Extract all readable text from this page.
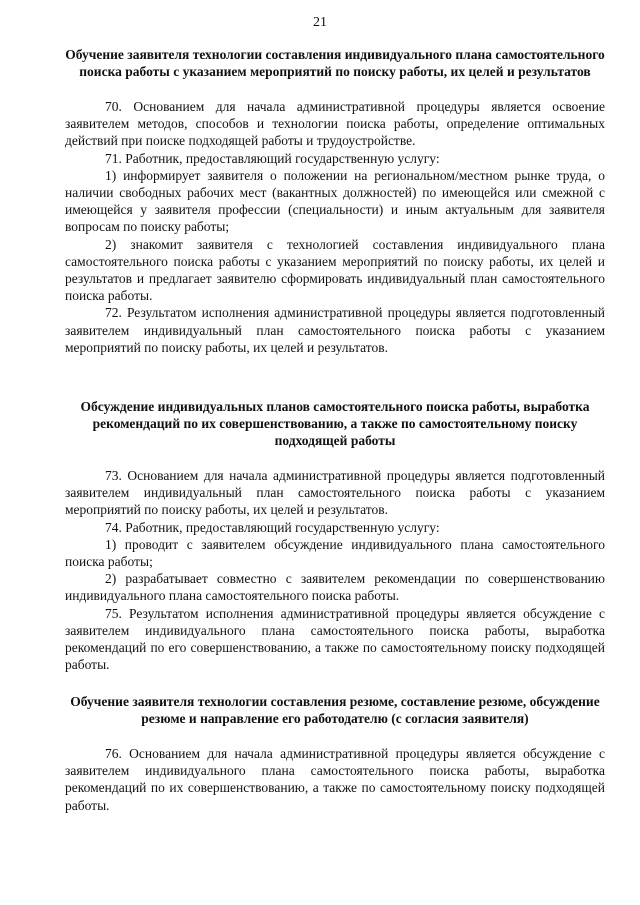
21

Обучение заявителя технологии составления индивидуального плана самостоятельного поиска работы с указанием мероприятий по поиску работы, их целей и результатов

70. Основанием для начала административной процедуры является освоение заявителем методов, способов и технологии поиска работы, определение оптимальных действий при поиске подходящей работы и трудоустройстве.

71. Работник, предоставляющий государственную услугу:

1) информирует заявителя о положении на региональном/местном рынке труда, о наличии свободных рабочих мест (вакантных должностей) по имеющейся или смежной с имеющейся у заявителя профессии (специальности) и иным актуальным для заявителя вопросам по поиску работы;

2) знакомит заявителя с технологией составления индивидуального плана самостоятельного поиска работы с указанием мероприятий по поиску работы, их целей и результатов и предлагает заявителю сформировать индивидуальный план самостоятельного поиска работы.

72. Результатом исполнения административной процедуры является подготовленный заявителем индивидуальный план самостоятельного поиска работы с указанием мероприятий по поиску работы, их целей и результатов.

Обсуждение индивидуальных планов самостоятельного поиска работы, выработка рекомендаций по их совершенствованию, а также по самостоятельному поиску подходящей работы

73. Основанием для начала административной процедуры является подготовленный заявителем индивидуальный план самостоятельного поиска работы с указанием мероприятий по поиску работы, их целей и результатов.

74. Работник, предоставляющий государственную услугу:

1) проводит с заявителем обсуждение индивидуального плана самостоятельного поиска работы;

2) разрабатывает совместно с заявителем рекомендации по совершенствованию индивидуального плана самостоятельного поиска работы.

75. Результатом исполнения административной процедуры является обсуждение с заявителем индивидуального плана самостоятельного поиска работы, выработка рекомендаций по его совершенствованию, а также по самостоятельному поиску подходящей работы.

Обучение заявителя технологии составления резюме, составление резюме, обсуждение резюме и направление его работодателю (с согласия заявителя)

76. Основанием для начала административной процедуры является обсуждение с заявителем индивидуального плана самостоятельного поиска работы, выработка рекомендаций по их совершенствованию, а также по самостоятельному поиску подходящей работы.
